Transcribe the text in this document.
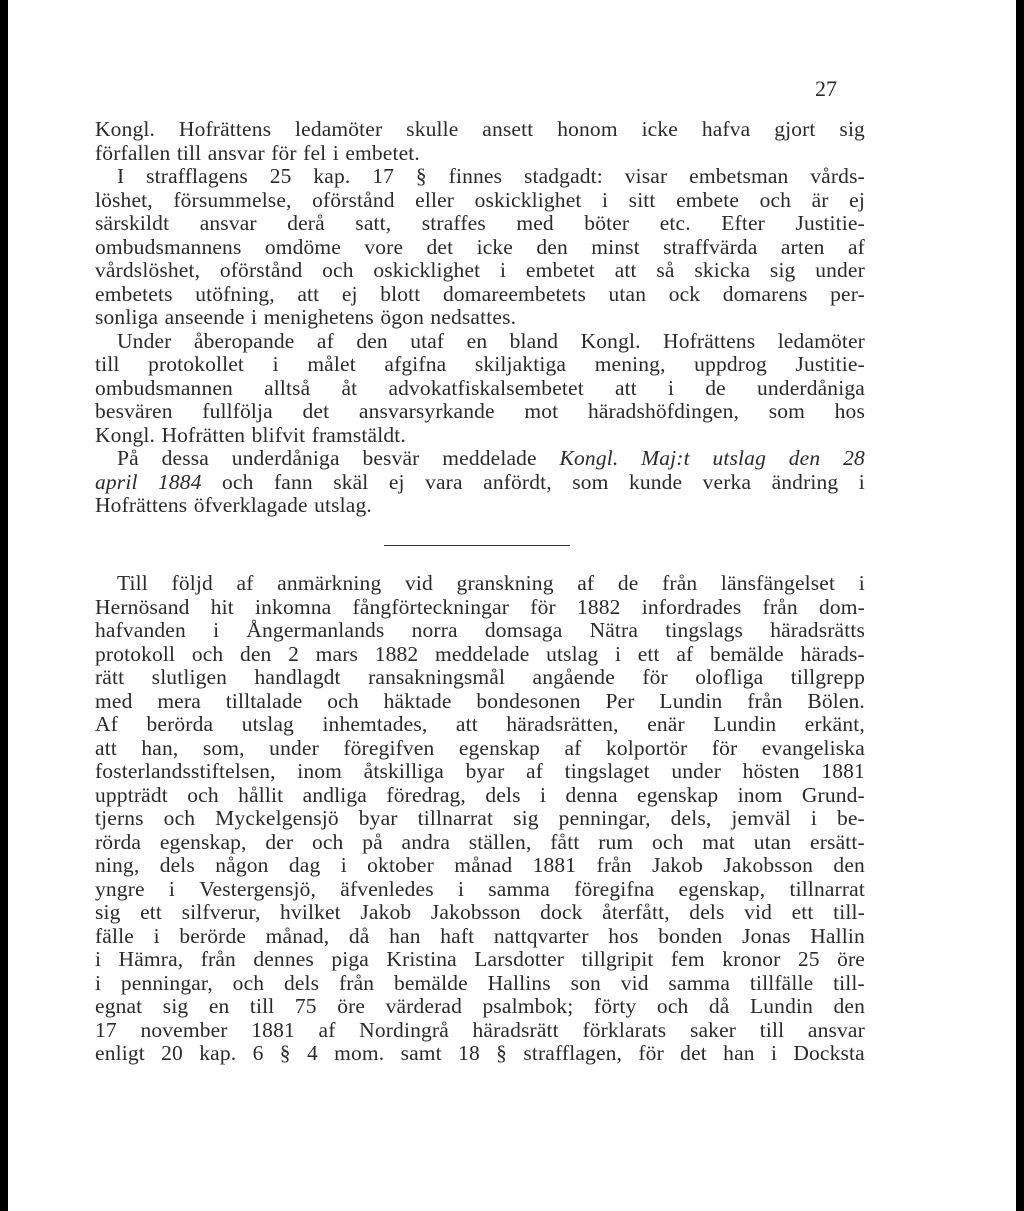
27
Kongl. Hofrättens ledamöter skulle ansett honom icke hafva gjort sig
förfallen till ansvar för fel i embetet.
I strafflagens 25 kap. 17 § finnes stadgadt: visar embetsman vårds-
löshet, försummelse, oförstånd eller oskicklighet i sitt embete och är ej
särskildt ansvar derå satt, straffes med böter etc. Efter Justitie-
ombudsmannens omdöme vore det icke den minst straffvärda arten af
vårdslöshet, oförstånd och oskicklighet i embetet att så skicka sig under
embetets utöfning, att ej blott domareembetets utan ock domarens per-
sonliga anseende i menighetens ögon nedsattes.
Under åberopande af den utaf en bland Kongl. Hofrättens ledamöter
till protokollet i målet afgifna skiljaktiga mening, uppdrog Justitie-
ombudsmannen alltså åt advokatfiskalsembetet att i de underdåniga
besvären fullfölja det ansvarsyrkande mot häradshöfdingen, som hos
Kongl. Hofrätten blifvit framstäldt.
På dessa underdåniga besvär meddelade Kongl. Maj:t utslag den 28
april 1884 och fann skäl ej vara anfördt, som kunde verka ändring i
Hofrättens öfverklagade utslag.
Till följd af anmärkning vid granskning af de från länsfängelset i
Hernösand hit inkomna fångförteckningar för 1882 infordrades från dom-
hafvanden i Ångermanlands norra domsaga Nätra tingslags häradsrätts
protokoll och den 2 mars 1882 meddelade utslag i ett af bemälde härads-
rätt slutligen handlagdt ransakningsmål angående för olofliga tillgrepp
med mera tilltalade och häktade bondesonen Per Lundin från Bölen.
Af berörda utslag inhemtades, att häradsrätten, enär Lundin erkänt,
att han, som, under föregifven egenskap af kolportör för evangeliska
fosterlandsstiftelsen, inom åtskilliga byar af tingslaget under hösten 1881
uppträdt och hållit andliga föredrag, dels i denna egenskap inom Grund-
tjerns och Myckelgensjö byar tillnarrat sig penningar, dels, jemväl i be-
rörda egenskap, der och på andra ställen, fått rum och mat utan ersätt-
ning, dels någon dag i oktober månad 1881 från Jakob Jakobsson den
yngre i Vestergensjö, äfvenledes i samma föregifna egenskap, tillnarrat
sig ett silfverur, hvilket Jakob Jakobsson dock återfått, dels vid ett till-
fälle i berörde månad, då han haft nattqvarter hos bonden Jonas Hallin
i Hämra, från dennes piga Kristina Larsdotter tillgripit fem kronor 25 öre
i penningar, och dels från bemälde Hallins son vid samma tillfälle till-
egnat sig en till 75 öre värderad psalmbok; förty och då Lundin den
17 november 1881 af Nordingrå häradsrätt förklarats saker till ansvar
enligt 20 kap. 6 § 4 mom. samt 18 § strafflagen, för det han i Docksta
